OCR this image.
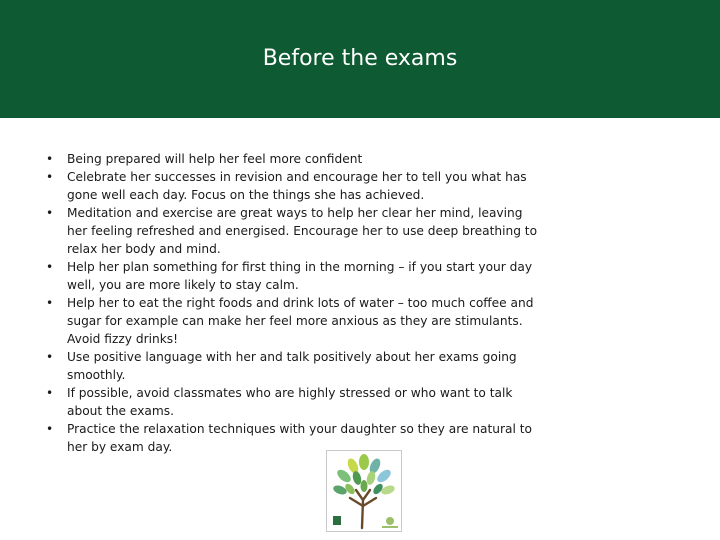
Before the exams
• Being prepared will help her feel more confident
• Celebrate her successes in revision and encourage her to tell you what has gone well each day. Focus on the things she has achieved.
• Meditation and exercise are great ways to help her clear her mind, leaving her feeling refreshed and energised. Encourage her to use deep breathing to relax her body and mind.
• Help her plan something for first thing in the morning – if you start your day well, you are more likely to stay calm.
• Help her to eat the right foods and drink lots of water – too much coffee and sugar for example can make her feel more anxious as they are stimulants. Avoid fizzy drinks!
• Use positive language with her and talk positively about her exams going smoothly.
• If possible, avoid classmates who are highly stressed or who want to talk about the exams.
• Practice the relaxation techniques with your daughter so they are natural to her by exam day.
